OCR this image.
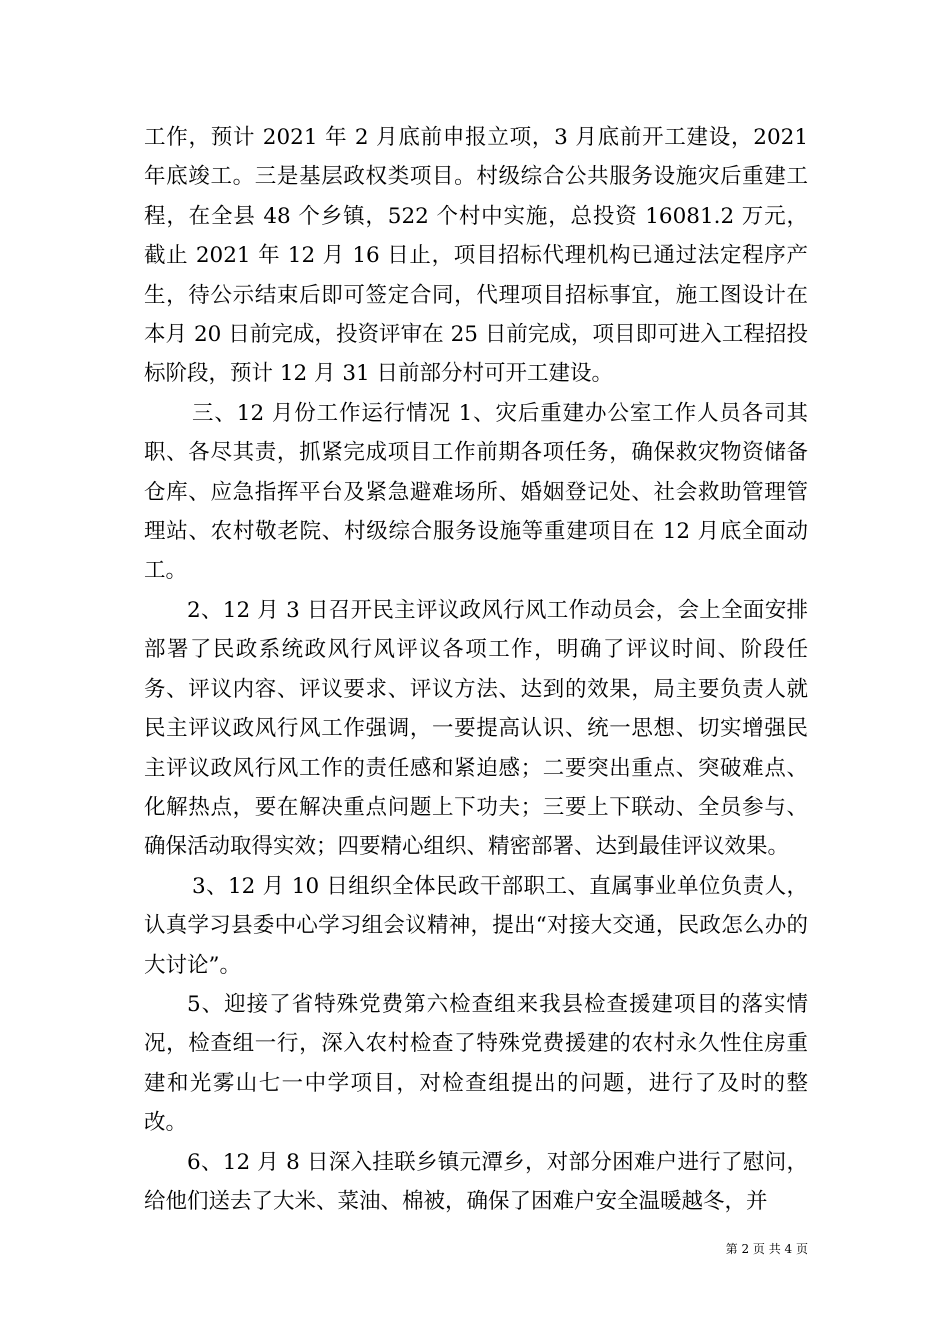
工作，预计 2021 年 2 月底前申报立项，3 月底前开工建设，2021 年底竣工。三是基层政权类项目。村级综合公共服务设施灾后重建工程，在全县 48 个乡镇，522 个村中实施，总投资 16081.2 万元，截止 2021 年 12 月 16 日止，项目招标代理机构已通过法定程序产生，待公示结束后即可签定合同，代理项目招标事宜，施工图设计在本月 20 日前完成，投资评审在 25 日前完成，项目即可进入工程招投标阶段，预计 12 月 31 日前部分村可开工建设。

三、12 月份工作运行情况 1、灾后重建办公室工作人员各司其职、各尽其责，抓紧完成项目工作前期各项任务，确保救灾物资储备仓库、应急指挥平台及紧急避难场所、婚姻登记处、社会救助管理管理站、农村敬老院、村级综合服务设施等重建项目在 12 月底全面动工。

2、12 月 3 日召开民主评议政风行风工作动员会，会上全面安排部署了民政系统政风行风评议各项工作，明确了评议时间、阶段任务、评议内容、评议要求、评议方法、达到的效果，局主要负责人就民主评议政风行风工作强调，一要提高认识、统一思想、切实增强民主评议政风行风工作的责任感和紧迫感；二要突出重点、突破难点、化解热点，要在解决重点问题上下功夫；三要上下联动、全员参与、确保活动取得实效；四要精心组织、精密部署、达到最佳评议效果。

3、12 月 10 日组织全体民政干部职工、直属事业单位负责人，认真学习县委中心学习组会议精神，提出“对接大交通，民政怎么办的大讨论”。

5、迎接了省特殊党费第六检查组来我县检查援建项目的落实情况，检查组一行，深入农村检查了特殊党费援建的农村永久性住房重建和光雾山七一中学项目，对检查组提出的问题，进行了及时的整改。

6、12 月 8 日深入挂联乡镇元潭乡，对部分困难户进行了慰问，给他们送去了大米、菜油、棉被，确保了困难户安全温暖越冬，并

第 2 页 共 4 页
